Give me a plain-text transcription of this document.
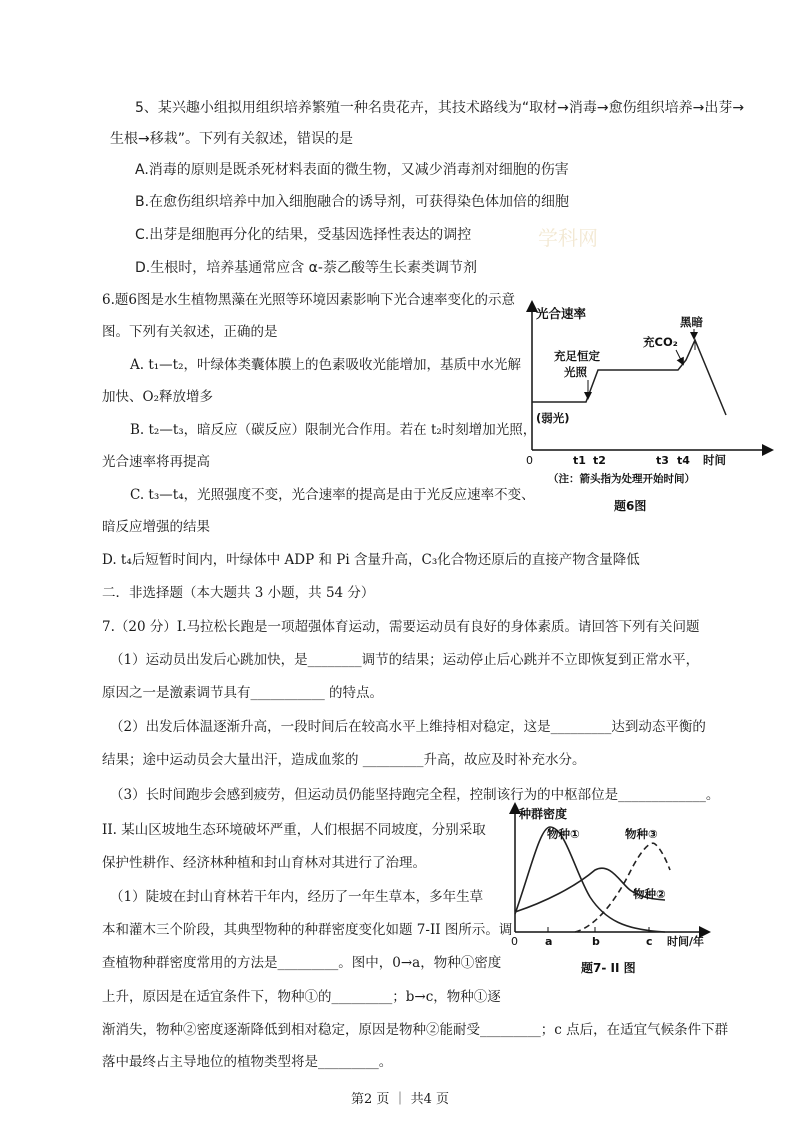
5、某兴趣小组拟用组织培养繁殖一种名贵花卉，其技术路线为“取材→消毒→愈伤组织培养→出芽→
生根→移栽”。下列有关叙述，错误的是
A.消毒的原则是既杀死材料表面的微生物，又减少消毒剂对细胞的伤害
B.在愈伤组织培养中加入细胞融合的诱导剂，可获得染色体加倍的细胞
C.出芽是细胞再分化的结果，受基因选择性表达的调控
D.生根时，培养基通常应含 α-萘乙酸等生长素类调节剂
学科网
6.题6图是水生植物黑藻在光照等环境因素影响下光合速率变化的示意
图。下列有关叙述，正确的是
A. t₁—t₂，叶绿体类囊体膜上的色素吸收光能增加，基质中水光解
加快、O₂释放增多
B. t₂—t₃，暗反应（碳反应）限制光合作用。若在 t₂时刻增加光照，
光合速率将再提高
C. t₃—t₄，光照强度不变，光合速率的提高是由于光反应速率不变、
暗反应增强的结果
D. t₄后短暂时间内，叶绿体中 ADP 和 Pi 含量升高，C₃化合物还原后的直接产物含量降低
光合速率
(弱光)
充足恒定
光照
充CO₂
黑暗
0	t1 t2	t3 t4 时间
（注：箭头指为处理开始时间）
题6图
二．非选择题（本大题共 3 小题，共 54 分）
7.（20 分）I.马拉松长跑是一项超强体育运动，需要运动员有良好的身体素质。请回答下列有关问题
（1）运动员出发后心跳加快，是________调节的结果；运动停止后心跳并不立即恢复到正常水平，
原因之一是激素调节具有___________ 的特点。
（2）出发后体温逐渐升高，一段时间后在较高水平上维持相对稳定，这是_________达到动态平衡的
结果；途中运动员会大量出汗，造成血浆的 _________升高，故应及时补充水分。
（3）长时间跑步会感到疲劳，但运动员仍能坚持跑完全程，控制该行为的中枢部位是_____________。
II. 某山区坡地生态环境破坏严重，人们根据不同坡度，分别采取
保护性耕作、经济林种植和封山育林对其进行了治理。
（1）陡坡在封山育林若干年内，经历了一年生草本，多年生草
本和灌木三个阶段，其典型物种的种群密度变化如题 7-II 图所示。调
查植物种群密度常用的方法是_________。图中，0→a，物种①密度
上升，原因是在适宜条件下，物种①的_________；b→c，物种①逐
渐消失，物种②密度逐渐降低到相对稳定，原因是物种②能耐受_________；c 点后，在适宜气候条件下群
落中最终占主导地位的植物类型将是_________。
种群密度
物种①	物种③
物种②
0 a	b	c 时间/年
题7- II 图
第2 页 ｜ 共4 页
